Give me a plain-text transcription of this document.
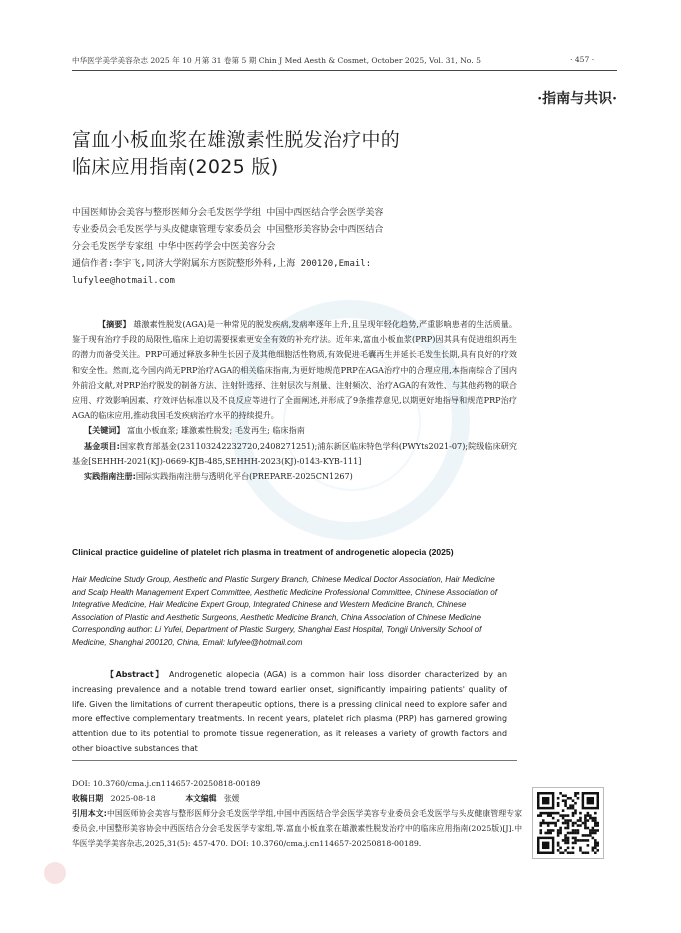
中华医学美学美容杂志 2025 年 10 月第 31 卷第 5 期 Chin J Med Aesth & Cosmet, October 2025, Vol. 31, No. 5	· 457 ·
·指南与共识·
富血小板血浆在雄激素性脱发治疗中的
临床应用指南(2025 版)
中国医师协会美容与整形医师分会毛发医学学组 中国中西医结合学会医学美容
专业委员会毛发医学与头皮健康管理专家委员会 中国整形美容协会中西医结合
分会毛发医学专家组 中华中医药学会中医美容分会
通信作者:李宇飞,同济大学附属东方医院整形外科,上海 200120,Email:
lufylee@hotmail.com

【摘要】 雄激素性脱发(AGA)是一种常见的脱发疾病,发病率逐年上升,且呈现年轻化趋势,严重影响患者的生活质量。鉴于现有治疗手段的局限性,临床上迫切需要探索更安全有效的补充疗法。近年来,富血小板血浆(PRP)因其具有促进组织再生的潜力而备受关注。PRP可通过释放多种生长因子及其他细胞活性物质,有效促进毛囊再生并延长毛发生长期,具有良好的疗效和安全性。然而,迄今国内尚无PRP治疗AGA的相关临床指南,为更好地规范PRP在AGA治疗中的合理应用,本指南综合了国内外前沿文献,对PRP治疗脱发的制备方法、注射针选择、注射层次与剂量、注射频次、治疗AGA的有效性、与其他药物的联合应用、疗效影响因素、疗效评估标准以及不良反应等进行了全面阐述,并形成了9条推荐意见,以期更好地指导和规范PRP治疗AGA的临床应用,推动我国毛发疾病治疗水平的持续提升。

【关键词】 富血小板血浆; 雄激素性脱发; 毛发再生; 临床指南

基金项目:国家教育部基金(231103242232720,2408271251);浦东新区临床特色学科(PWYts2021-07);院级临床研究基金[SEHHH-2021(KJ)-0669-KJB-485,SEHHH-2023(KJ)-0143-KYB-111]

实践指南注册:国际实践指南注册与透明化平台(PREPARE-2025CN1267)

Clinical practice guideline of platelet rich plasma in treatment of androgenetic alopecia (2025)

Hair Medicine Study Group, Aesthetic and Plastic Surgery Branch, Chinese Medical Doctor Association, Hair Medicine and Scalp Health Management Expert Committee, Aesthetic Medicine Professional Committee, Chinese Association of Integrative Medicine, Hair Medicine Expert Group, Integrated Chinese and Western Medicine Branch, Chinese Association of Plastic and Aesthetic Surgeons, Aesthetic Medicine Branch, China Association of Chinese Medicine

Corresponding author: Li Yufei, Department of Plastic Surgery, Shanghai East Hospital, Tongji University School of Medicine, Shanghai 200120, China, Email: lufylee@hotmail.com

【Abstract】 Androgenetic alopecia (AGA) is a common hair loss disorder characterized by an increasing prevalence and a notable trend toward earlier onset, significantly impairing patients' quality of life. Given the limitations of current therapeutic options, there is a pressing clinical need to explore safer and more effective complementary treatments. In recent years, platelet rich plasma (PRP) has garnered growing attention due to its potential to promote tissue regeneration, as it releases a variety of growth factors and other bioactive substances that

DOI: 10.3760/cma.j.cn114657-20250818-00189

收稿日期 2025-08-18	本文编辑 张媛

引用本文:中国医师协会美容与整形医师分会毛发医学学组,中国中西医结合学会医学美容专业委员会毛发医学与头皮健康管理专家委员会,中国整形美容协会中西医结合分会毛发医学专家组,等.富血小板血浆在雄激素性脱发治疗中的临床应用指南(2025版)[J].中华医学美学美容杂志,2025,31(5): 457-470. DOI: 10.3760/cma.j.cn114657-20250818-00189.
